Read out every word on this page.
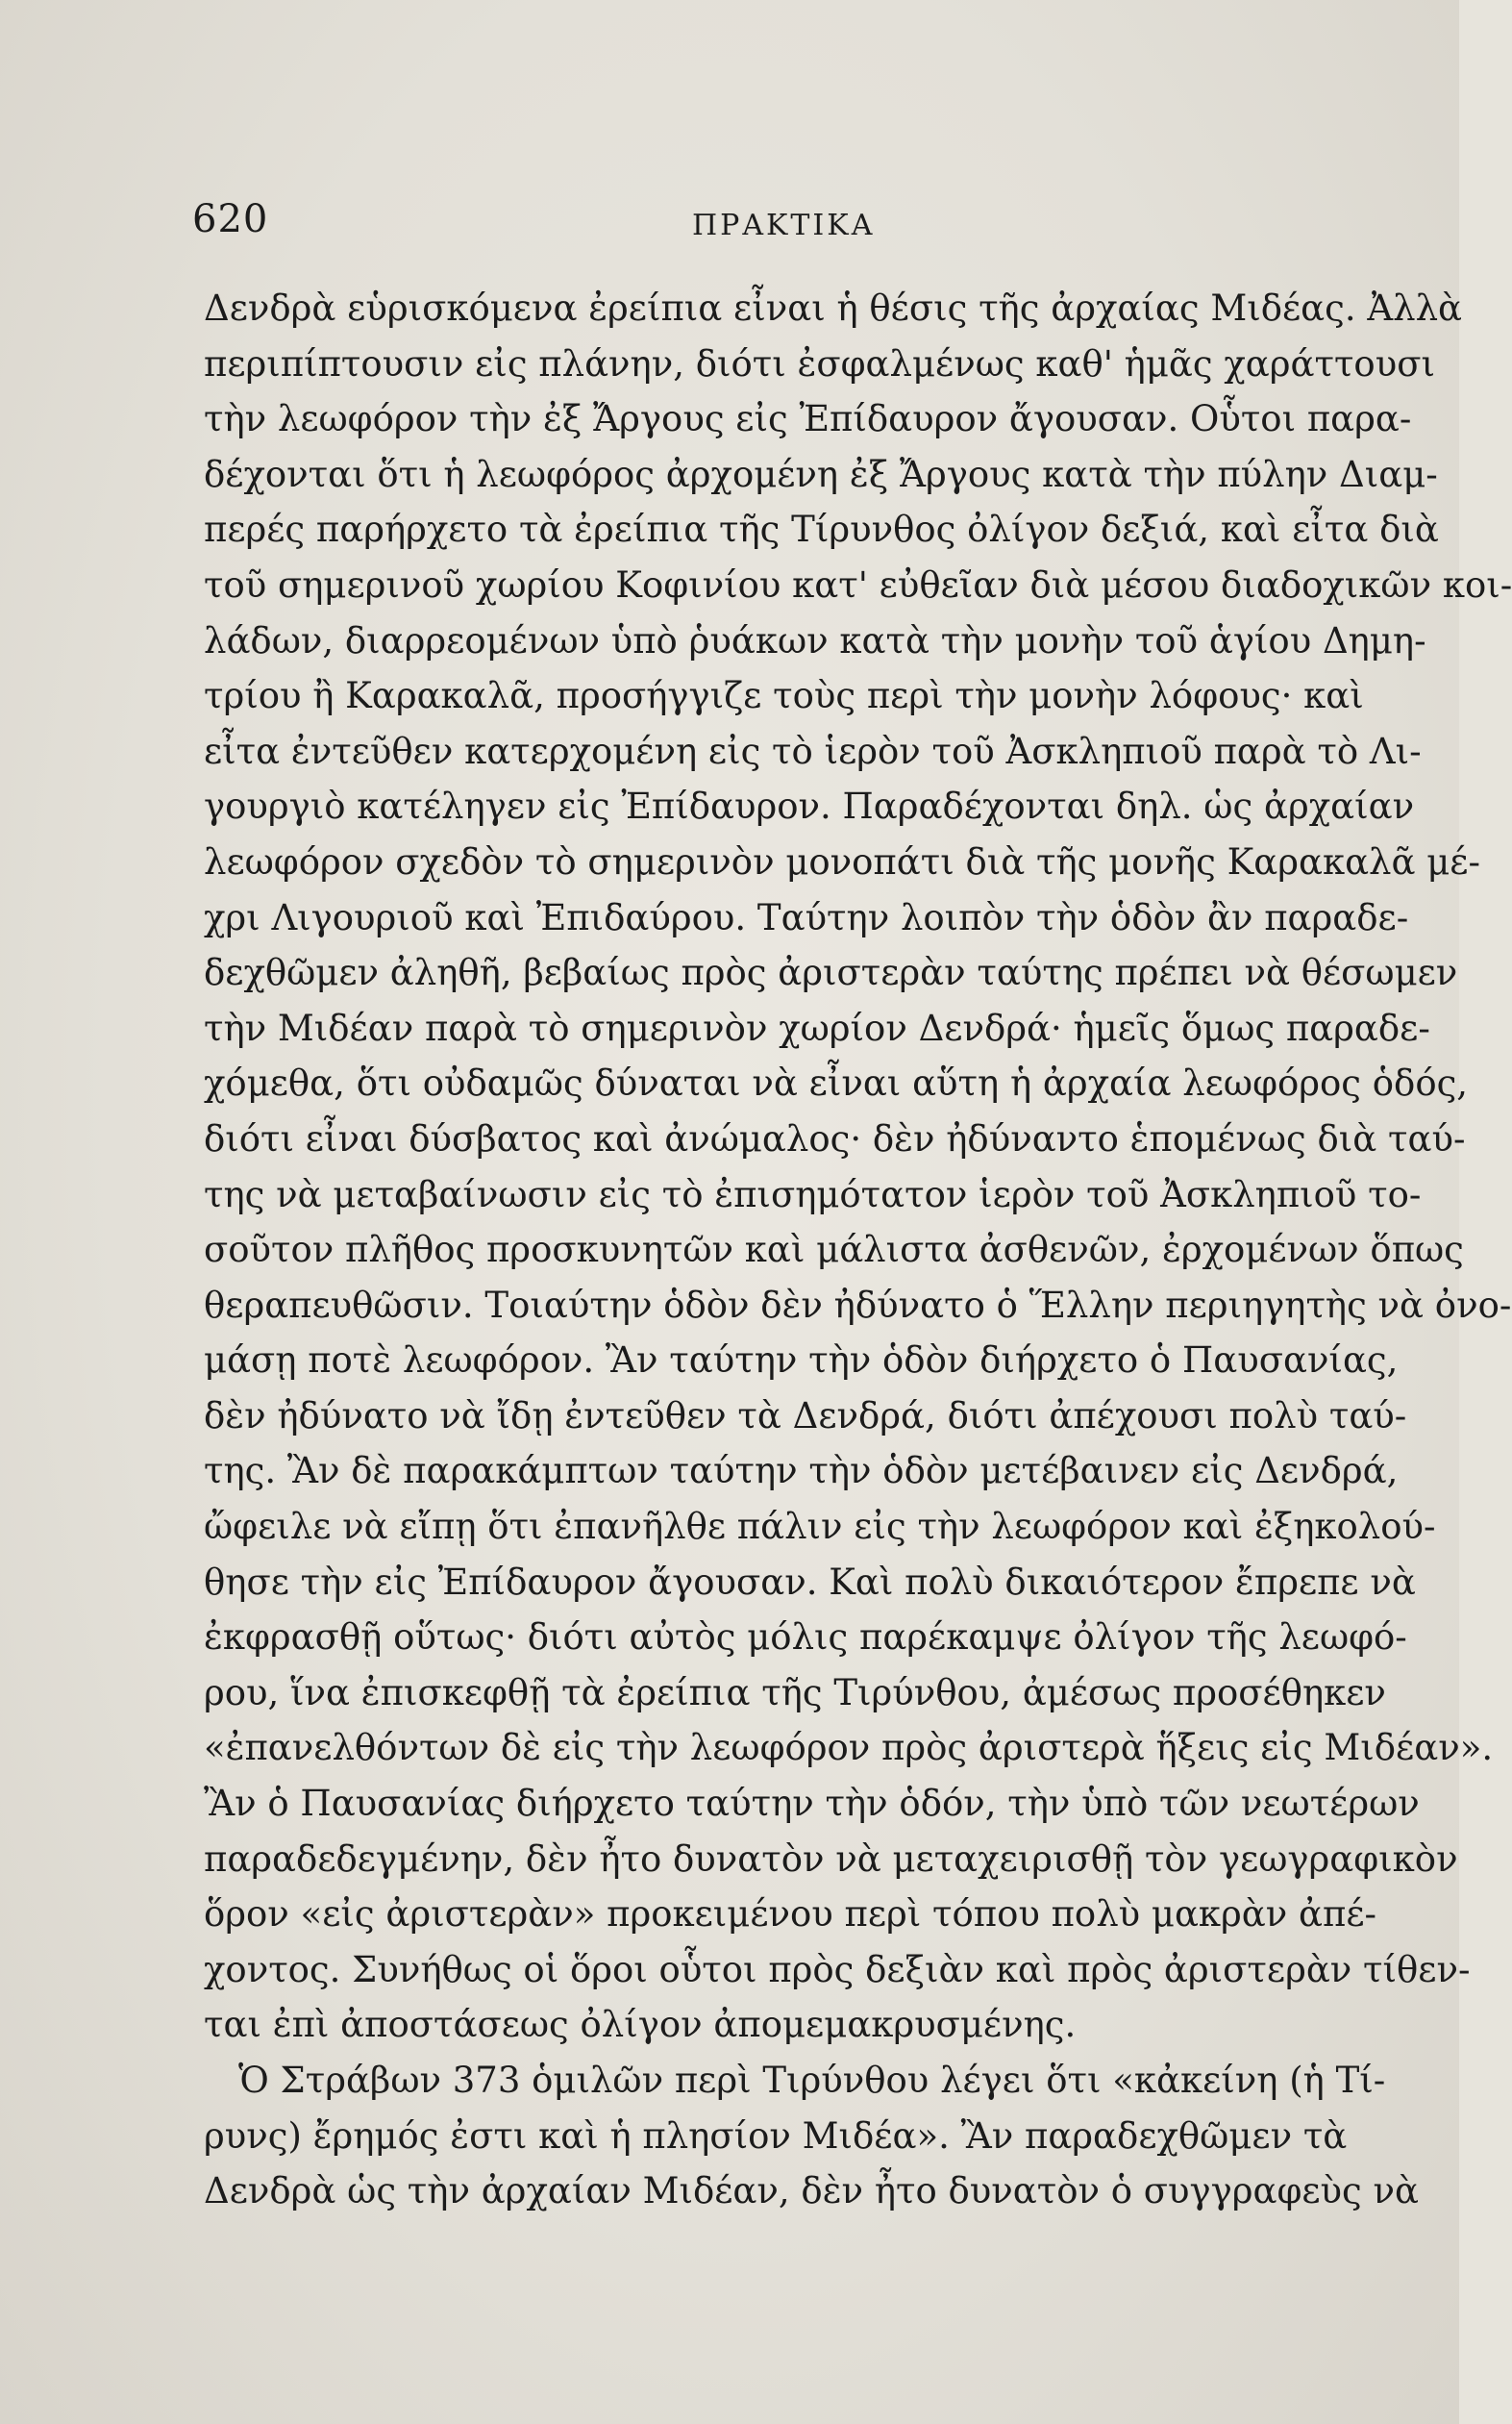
620	ΠΡΑΚΤΙΚΑ
Δενδρὰ εὑρισκόμενα ἐρείπια εἶναι ἡ θέσις τῆς ἀρχαίας Μιδέας. Ἀλλὰ
περιπίπτουσιν εἰς πλάνην, διότι ἐσφαλμένως καθ' ἡμᾶς χαράττουσι
τὴν λεωφόρον τὴν ἐξ Ἄργους εἰς Ἐπίδαυρον ἄγουσαν. Οὗτοι παρα-
δέχονται ὅτι ἡ λεωφόρος ἀρχομένη ἐξ Ἄργους κατὰ τὴν πύλην Διαμ-
περές παρήρχετο τὰ ἐρείπια τῆς Τίρυνθος ὀλίγον δεξιά, καὶ εἶτα διὰ
τοῦ σημερινοῦ χωρίου Κοφινίου κατ' εὐθεῖαν διὰ μέσου διαδοχικῶν κοι-
λάδων, διαρρεομένων ὑπὸ ῥυάκων κατὰ τὴν μονὴν τοῦ ἁγίου Δημη-
τρίου ἢ Καρακαλᾶ, προσήγγιζε τοὺς περὶ τὴν μονὴν λόφους· καὶ
εἶτα ἐντεῦθεν κατερχομένη εἰς τὸ ἱερὸν τοῦ Ἀσκληπιοῦ παρὰ τὸ Λι-
γουργιὸ κατέληγεν εἰς Ἐπίδαυρον. Παραδέχονται δηλ. ὡς ἀρχαίαν
λεωφόρον σχεδὸν τὸ σημερινὸν μονοπάτι διὰ τῆς μονῆς Καρακαλᾶ μέ-
χρι Λιγουριοῦ καὶ Ἐπιδαύρου. Ταύτην λοιπὸν τὴν ὁδὸν ἂν παραδε-
δεχθῶμεν ἀληθῆ, βεβαίως πρὸς ἀριστερὰν ταύτης πρέπει νὰ θέσωμεν
τὴν Μιδέαν παρὰ τὸ σημερινὸν χωρίον Δενδρά· ἡμεῖς ὅμως παραδε-
χόμεθα, ὅτι οὐδαμῶς δύναται νὰ εἶναι αὕτη ἡ ἀρχαία λεωφόρος ὁδός,
διότι εἶναι δύσβατος καὶ ἀνώμαλος· δὲν ἠδύναντο ἑπομένως διὰ ταύ-
της νὰ μεταβαίνωσιν εἰς τὸ ἐπισημότατον ἱερὸν τοῦ Ἀσκληπιοῦ το-
σοῦτον πλῆθος προσκυνητῶν καὶ μάλιστα ἀσθενῶν, ἐρχομένων ὅπως
θεραπευθῶσιν. Τοιαύτην ὁδὸν δὲν ἠδύνατο ὁ Ἕλλην περιηγητὴς νὰ ὀνο-
μάσῃ ποτὲ λεωφόρον. Ἂν ταύτην τὴν ὁδὸν διήρχετο ὁ Παυσανίας,
δὲν ἠδύνατο νὰ ἴδῃ ἐντεῦθεν τὰ Δενδρά, διότι ἀπέχουσι πολὺ ταύ-
της. Ἂν δὲ παρακάμπτων ταύτην τὴν ὁδὸν μετέβαινεν εἰς Δενδρά,
ὤφειλε νὰ εἴπῃ ὅτι ἐπανῆλθε πάλιν εἰς τὴν λεωφόρον καὶ ἐξηκολού-
θησε τὴν εἰς Ἐπίδαυρον ἄγουσαν. Καὶ πολὺ δικαιότερον ἔπρεπε νὰ
ἐκφρασθῇ οὕτως· διότι αὐτὸς μόλις παρέκαμψε ὀλίγον τῆς λεωφό-
ρου, ἵνα ἐπισκεφθῇ τὰ ἐρείπια τῆς Τιρύνθου, ἀμέσως προσέθηκεν
«ἐπανελθόντων δὲ εἰς τὴν λεωφόρον πρὸς ἀριστερὰ ἥξεις εἰς Μιδέαν».
Ἂν ὁ Παυσανίας διήρχετο ταύτην τὴν ὁδόν, τὴν ὑπὸ τῶν νεωτέρων
παραδεδεγμένην, δὲν ἦτο δυνατὸν νὰ μεταχειρισθῇ τὸν γεωγραφικὸν
ὅρον «εἰς ἀριστερὰν» προκειμένου περὶ τόπου πολὺ μακρὰν ἀπέ-
χοντος. Συνήθως οἱ ὅροι οὗτοι πρὸς δεξιὰν καὶ πρὸς ἀριστερὰν τίθεν-
ται ἐπὶ ἀποστάσεως ὀλίγον ἀπομεμακρυσμένης.
Ὁ Στράβων 373 ὁμιλῶν περὶ Τιρύνθου λέγει ὅτι «κἀκείνη (ἡ Τί-
ρυνς) ἔρημός ἐστι καὶ ἡ πλησίον Μιδέα». Ἂν παραδεχθῶμεν τὰ
Δενδρὰ ὡς τὴν ἀρχαίαν Μιδέαν, δὲν ἦτο δυνατὸν ὁ συγγραφεὺς νὰ
